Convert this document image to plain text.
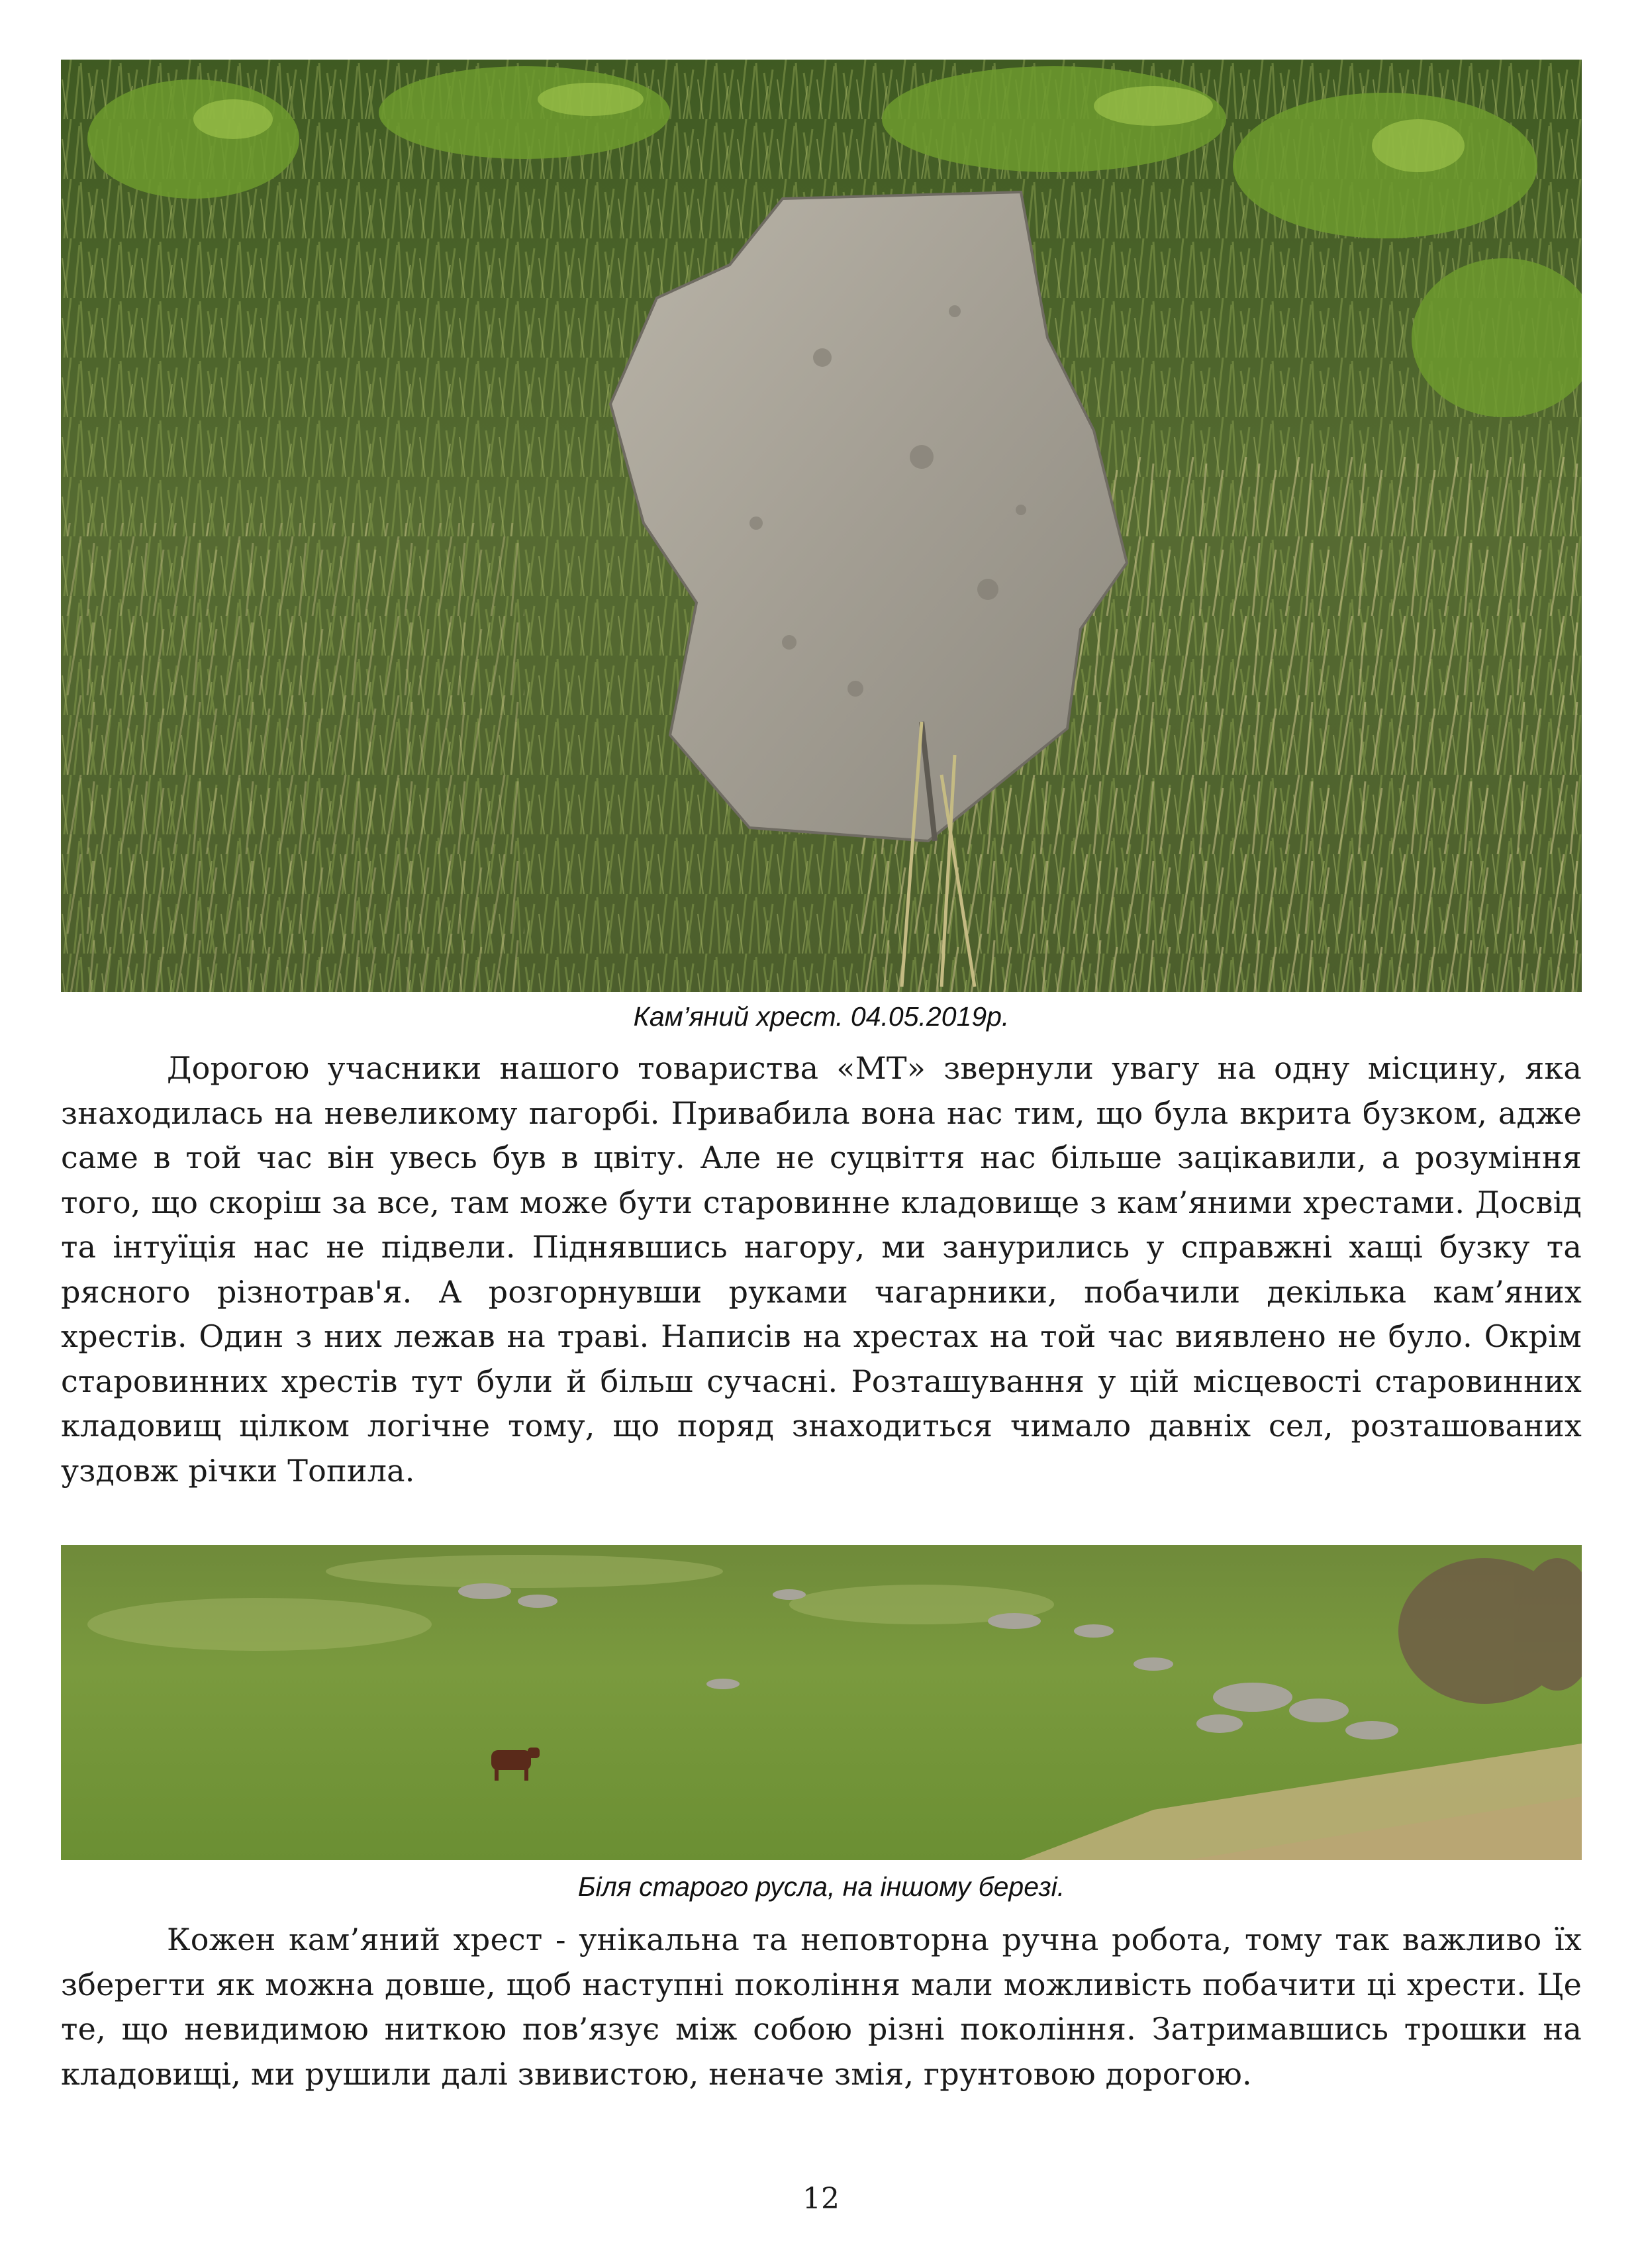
Кам’яний хрест. 04.05.2019р.

Дорогою учасники нашого товариства «МТ» звернули увагу на одну місцину, яка знаходилась на невеликому пагорбі. Привабила вона нас тим, що була вкрита бузком, адже саме в той час він увесь був в цвіту. Але не суцвіття нас більше зацікавили, а розуміння того, що скоріш за все, там може бути старовинне кладовище з кам’яними хрестами. Досвід та інтуїція нас не підвели. Піднявшись нагору, ми занурились у справжні хащі бузку та рясного різнотрав'я. А розгорнувши руками чагарники, побачили декілька кам’яних хрестів. Один з них лежав на траві. Написів на хрестах на той час виявлено не було. Окрім старовинних хрестів тут були й більш сучасні. Розташування у цій місцевості старовинних кладовищ цілком логічне тому, що поряд знаходиться чимало давніх сел, розташованих уздовж річки Топила.

Біля старого русла, на іншому березі.

Кожен кам’яний хрест - унікальна та неповторна ручна робота, тому так важливо їх зберегти як можна довше, щоб наступні покоління мали можливість побачити ці хрести. Це те, що невидимою ниткою пов’язує між собою різні покоління. Затримавшись трошки на кладовищі, ми рушили далі звивистою, неначе змія, грунтовою дорогою.

12
